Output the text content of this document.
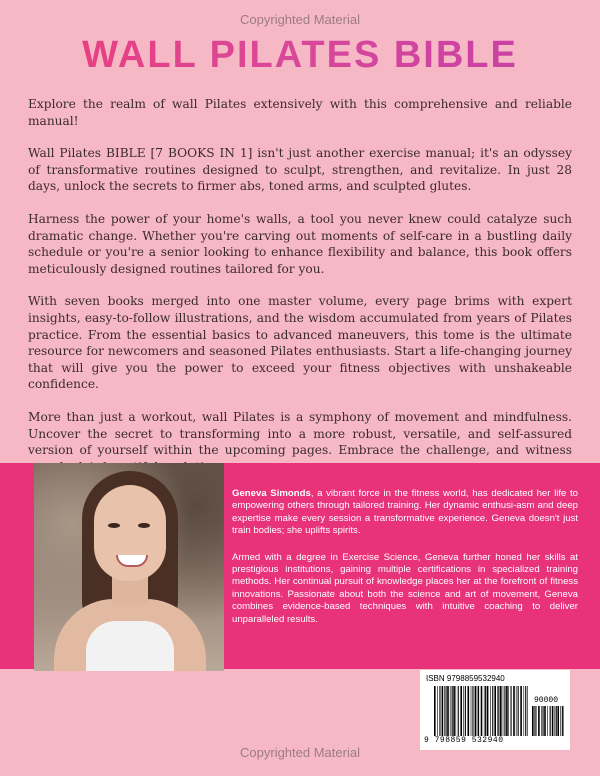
Copyrighted Material
WALL PILATES BIBLE

Explore the realm of wall Pilates extensively with this comprehensive and reliable manual!

Wall Pilates BIBLE [7 BOOKS IN 1] isn't just another exercise manual; it's an odyssey of transformative routines designed to sculpt, strengthen, and revitalize. In just 28 days, unlock the secrets to firmer abs, toned arms, and sculpted glutes.

Harness the power of your home's walls, a tool you never knew could catalyze such dramatic change. Whether you're carving out moments of self-care in a bustling daily schedule or you're a senior looking to enhance flexibility and balance, this book offers meticulously designed routines tailored for you.

With seven books merged into one master volume, every page brims with expert insights, easy-to-follow illustrations, and the wisdom accumulated from years of Pilates practice. From the essential basics to advanced maneuvers, this tome is the ultimate resource for newcomers and seasoned Pilates enthusiasts. Start a life-changing journey that will give you the power to exceed your fitness objectives with unshakeable confidence.

More than just a workout, wall Pilates is a symphony of movement and mindfulness. Uncover the secret to transforming into a more robust, versatile, and self-assured version of yourself within the upcoming pages. Embrace the challenge, and witness

Geneva Simonds, a vibrant force in the fitness world, has dedicated her life to empowering others through tailored training. Her dynamic enthusi-asm and deep expertise make every session a transformative experience. Geneva doesn't just train bodies; she uplifts spirits.

Armed with a degree in Exercise Science, Geneva further honed her skills at prestigious institutions, gaining multiple certifications in specialized training methods. Her continual pursuit of knowledge places her at the forefront of fitness innovations. Passionate about both the science and art of movement, Geneva combines evidence-based techniques with intuitive coaching to deliver unparalleled results.

ISBN 9798859532940
90000
9 798859 532940
Copyrighted Material
